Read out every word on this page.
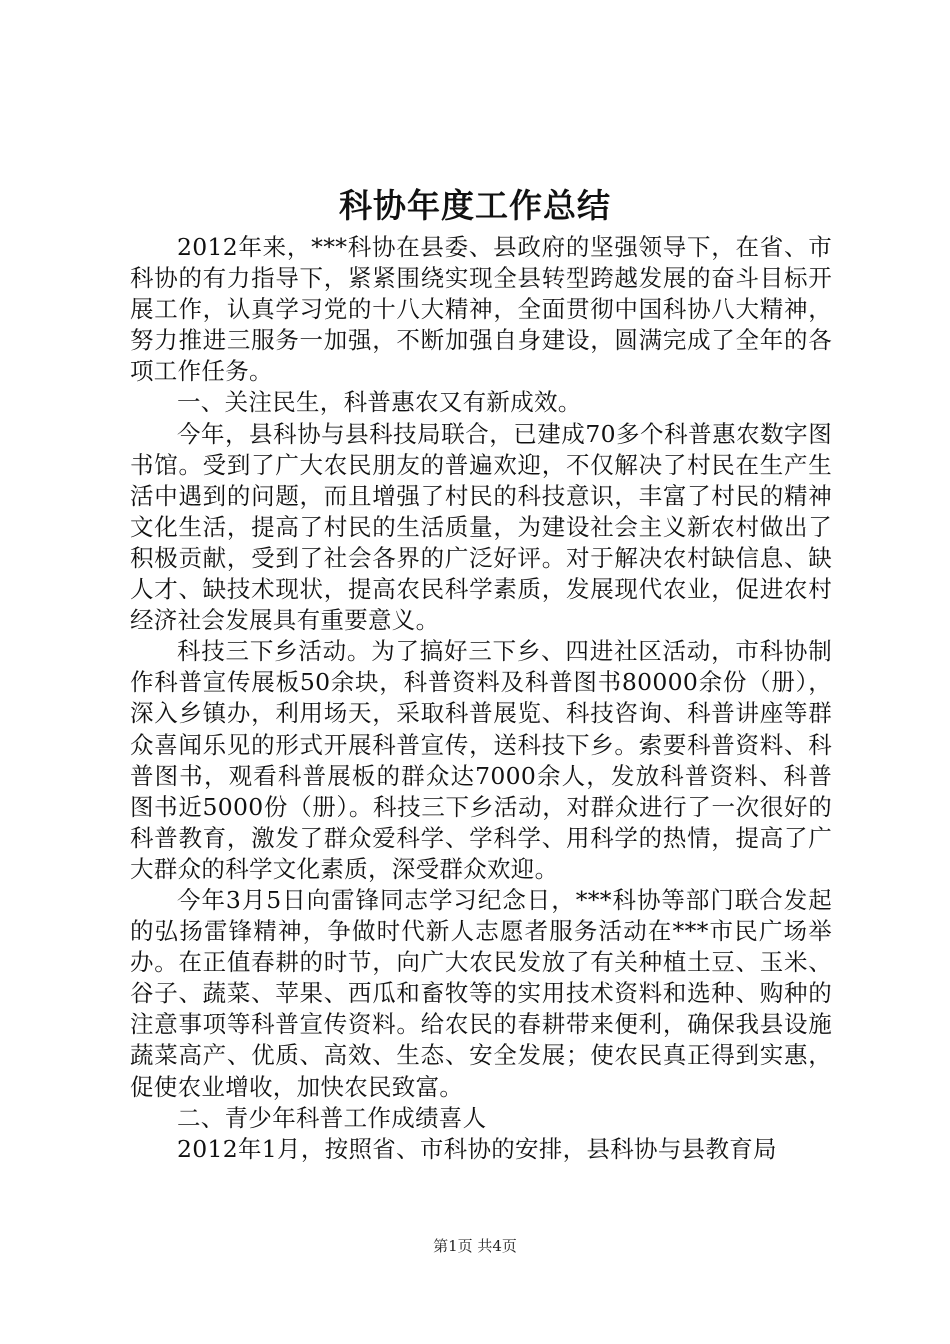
科协年度工作总结

2012年来，***科协在县委、县政府的坚强领导下，在省、市科协的有力指导下，紧紧围绕实现全县转型跨越发展的奋斗目标开展工作，认真学习党的十八大精神，全面贯彻中国科协八大精神，努力推进三服务一加强，不断加强自身建设，圆满完成了全年的各项工作任务。

一、关注民生，科普惠农又有新成效。

今年，县科协与县科技局联合，已建成70多个科普惠农数字图书馆。受到了广大农民朋友的普遍欢迎，不仅解决了村民在生产生活中遇到的问题，而且增强了村民的科技意识，丰富了村民的精神文化生活，提高了村民的生活质量，为建设社会主义新农村做出了积极贡献，受到了社会各界的广泛好评。对于解决农村缺信息、缺人才、缺技术现状，提高农民科学素质，发展现代农业，促进农村经济社会发展具有重要意义。

科技三下乡活动。为了搞好三下乡、四进社区活动，市科协制作科普宣传展板50余块，科普资料及科普图书80000余份（册），深入乡镇办，利用场天，采取科普展览、科技咨询、科普讲座等群众喜闻乐见的形式开展科普宣传，送科技下乡。索要科普资料、科普图书，观看科普展板的群众达7000余人，发放科普资料、科普图书近5000份（册）。科技三下乡活动，对群众进行了一次很好的科普教育，激发了群众爱科学、学科学、用科学的热情，提高了广大群众的科学文化素质，深受群众欢迎。

今年3月5日向雷锋同志学习纪念日，***科协等部门联合发起的弘扬雷锋精神，争做时代新人志愿者服务活动在***市民广场举办。在正值春耕的时节，向广大农民发放了有关种植土豆、玉米、谷子、蔬菜、苹果、西瓜和畜牧等的实用技术资料和选种、购种的注意事项等科普宣传资料。给农民的春耕带来便利，确保我县设施蔬菜高产、优质、高效、生态、安全发展；使农民真正得到实惠，促使农业增收，加快农民致富。

二、青少年科普工作成绩喜人

2012年1月，按照省、市科协的安排，县科协与县教育局

第1页 共4页
